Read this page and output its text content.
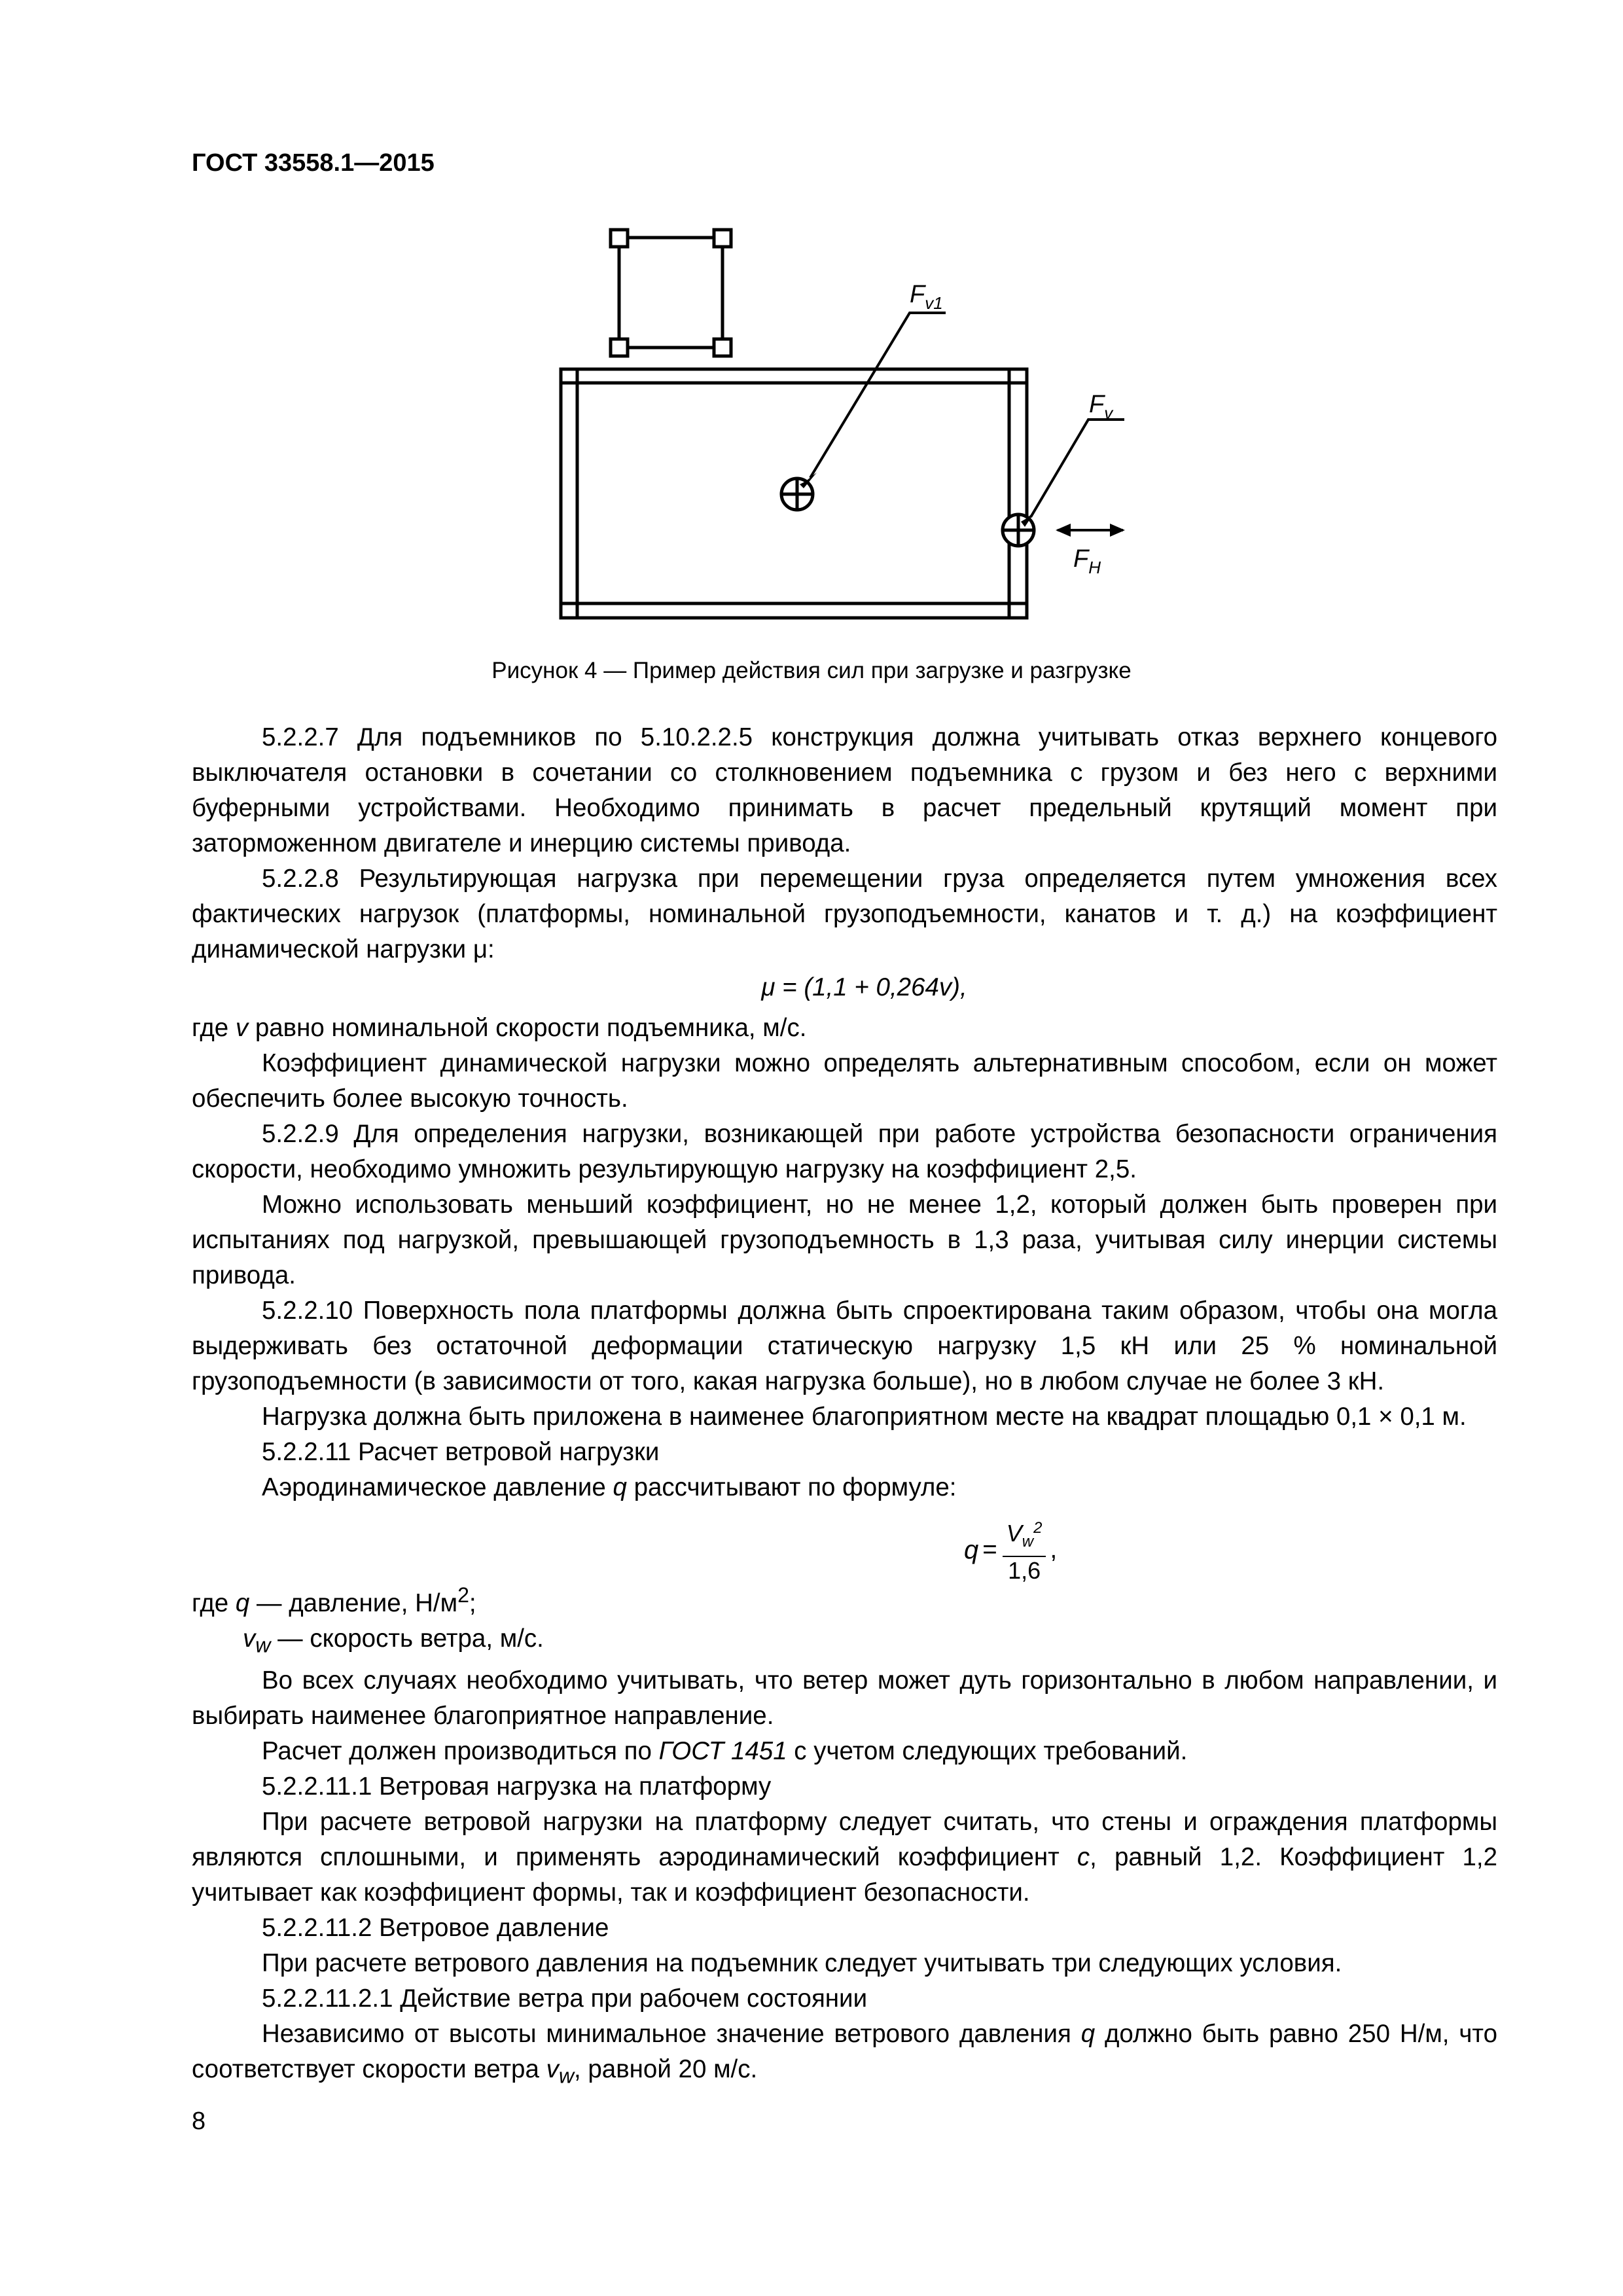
ГОСТ 33558.1—2015
$F_{v1}$
$F_v$
$F_H$
Рисунок 4 — Пример действия сил при загрузке и разгрузке

5.2.2.7 Для подъемников по 5.10.2.2.5 конструкция должна учитывать отказ верхнего концевого выключателя остановки в сочетании со столкновением подъемника с грузом и без него с верхними буферными устройствами. Необходимо принимать в расчет предельный крутящий момент при заторможенном двигателе и инерцию системы привода.

5.2.2.8 Результирующая нагрузка при перемещении груза определяется путем умножения всех фактических нагрузок (платформы, номинальной грузоподъемности, канатов и т. д.) на коэффициент динамической нагрузки μ:

μ = (1,1 + 0,264v),

где v равно номинальной скорости подъемника, м/с.

Коэффициент динамической нагрузки можно определять альтернативным способом, если он может обеспечить более высокую точность.

5.2.2.9 Для определения нагрузки, возникающей при работе устройства безопасности ограничения скорости, необходимо умножить результирующую нагрузку на коэффициент 2,5.

Можно использовать меньший коэффициент, но не менее 1,2, который должен быть проверен при испытаниях под нагрузкой, превышающей грузоподъемность в 1,3 раза, учитывая силу инерции системы привода.

5.2.2.10 Поверхность пола платформы должна быть спроектирована таким образом, чтобы она могла выдерживать без остаточной деформации статическую нагрузку 1,5 кН или 25 % номинальной грузоподъемности (в зависимости от того, какая нагрузка больше), но в любом случае не более 3 кН.

Нагрузка должна быть приложена в наименее благоприятном месте на квадрат площадью 0,1 × 0,1 м.

5.2.2.11 Расчет ветровой нагрузки

Аэродинамическое давление q рассчитывают по формуле:

$q = \frac{V_w^2}{1,6}$ ,

где q — давление, $Н/м^2$;

$v_w$ — скорость ветра, м/с.

Во всех случаях необходимо учитывать, что ветер может дуть горизонтально в любом направлении, и выбирать наименее благоприятное направление.

Расчет должен производиться по ГОСТ 1451 с учетом следующих требований.

5.2.2.11.1 Ветровая нагрузка на платформу

При расчете ветровой нагрузки на платформу следует считать, что стены и ограждения платформы являются сплошными, и применять аэродинамический коэффициент c, равный 1,2. Коэффициент 1,2 учитывает как коэффициент формы, так и коэффициент безопасности.

5.2.2.11.2 Ветровое давление

При расчете ветрового давления на подъемник следует учитывать три следующих условия.

5.2.2.11.2.1 Действие ветра при рабочем состоянии

Независимо от высоты минимальное значение ветрового давления q должно быть равно 250 Н/м, что соответствует скорости ветра $v_w$, равной 20 м/с.

8
